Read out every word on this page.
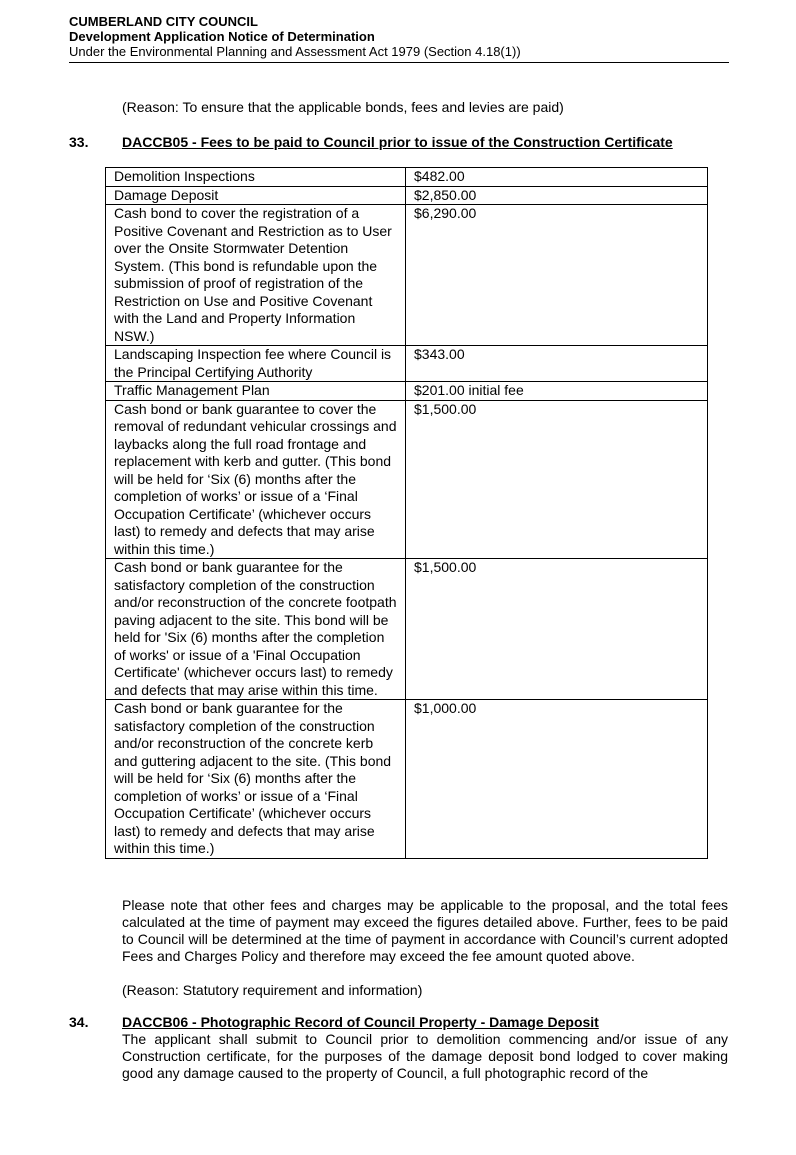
CUMBERLAND CITY COUNCIL
Development Application Notice of Determination
Under the Environmental Planning and Assessment Act 1979 (Section 4.18(1))
(Reason: To ensure that the applicable bonds, fees and levies are paid)
33. DACCB05 - Fees to be paid to Council prior to issue of the Construction Certificate
Demolition Inspections	$482.00
Damage Deposit	$2,850.00
Cash bond to cover the registration of a Positive Covenant and Restriction as to User over the Onsite Stormwater Detention System. (This bond is refundable upon the submission of proof of registration of the Restriction on Use and Positive Covenant with the Land and Property Information NSW.)	$6,290.00
Landscaping Inspection fee where Council is the Principal Certifying Authority	$343.00
Traffic Management Plan	$201.00 initial fee
Cash bond or bank guarantee to cover the removal of redundant vehicular crossings and laybacks along the full road frontage and replacement with kerb and gutter. (This bond will be held for ‘Six (6) months after the completion of works’ or issue of a ‘Final Occupation Certificate’ (whichever occurs last) to remedy and defects that may arise within this time.)	$1,500.00
Cash bond or bank guarantee for the satisfactory completion of the construction and/or reconstruction of the concrete footpath paving adjacent to the site. This bond will be held for 'Six (6) months after the completion of works' or issue of a 'Final Occupation Certificate' (whichever occurs last) to remedy and defects that may arise within this time.	$1,500.00
Cash bond or bank guarantee for the satisfactory completion of the construction and/or reconstruction of the concrete kerb and guttering adjacent to the site. (This bond will be held for ‘Six (6) months after the completion of works’ or issue of a ‘Final Occupation Certificate’ (whichever occurs last) to remedy and defects that may arise within this time.)	$1,000.00
Please note that other fees and charges may be applicable to the proposal, and the total fees calculated at the time of payment may exceed the figures detailed above. Further, fees to be paid to Council will be determined at the time of payment in accordance with Council’s current adopted Fees and Charges Policy and therefore may exceed the fee amount quoted above.
(Reason: Statutory requirement and information)
34. DACCB06 - Photographic Record of Council Property - Damage Deposit
The applicant shall submit to Council prior to demolition commencing and/or issue of any Construction certificate, for the purposes of the damage deposit bond lodged to cover making good any damage caused to the property of Council, a full photographic record of the
